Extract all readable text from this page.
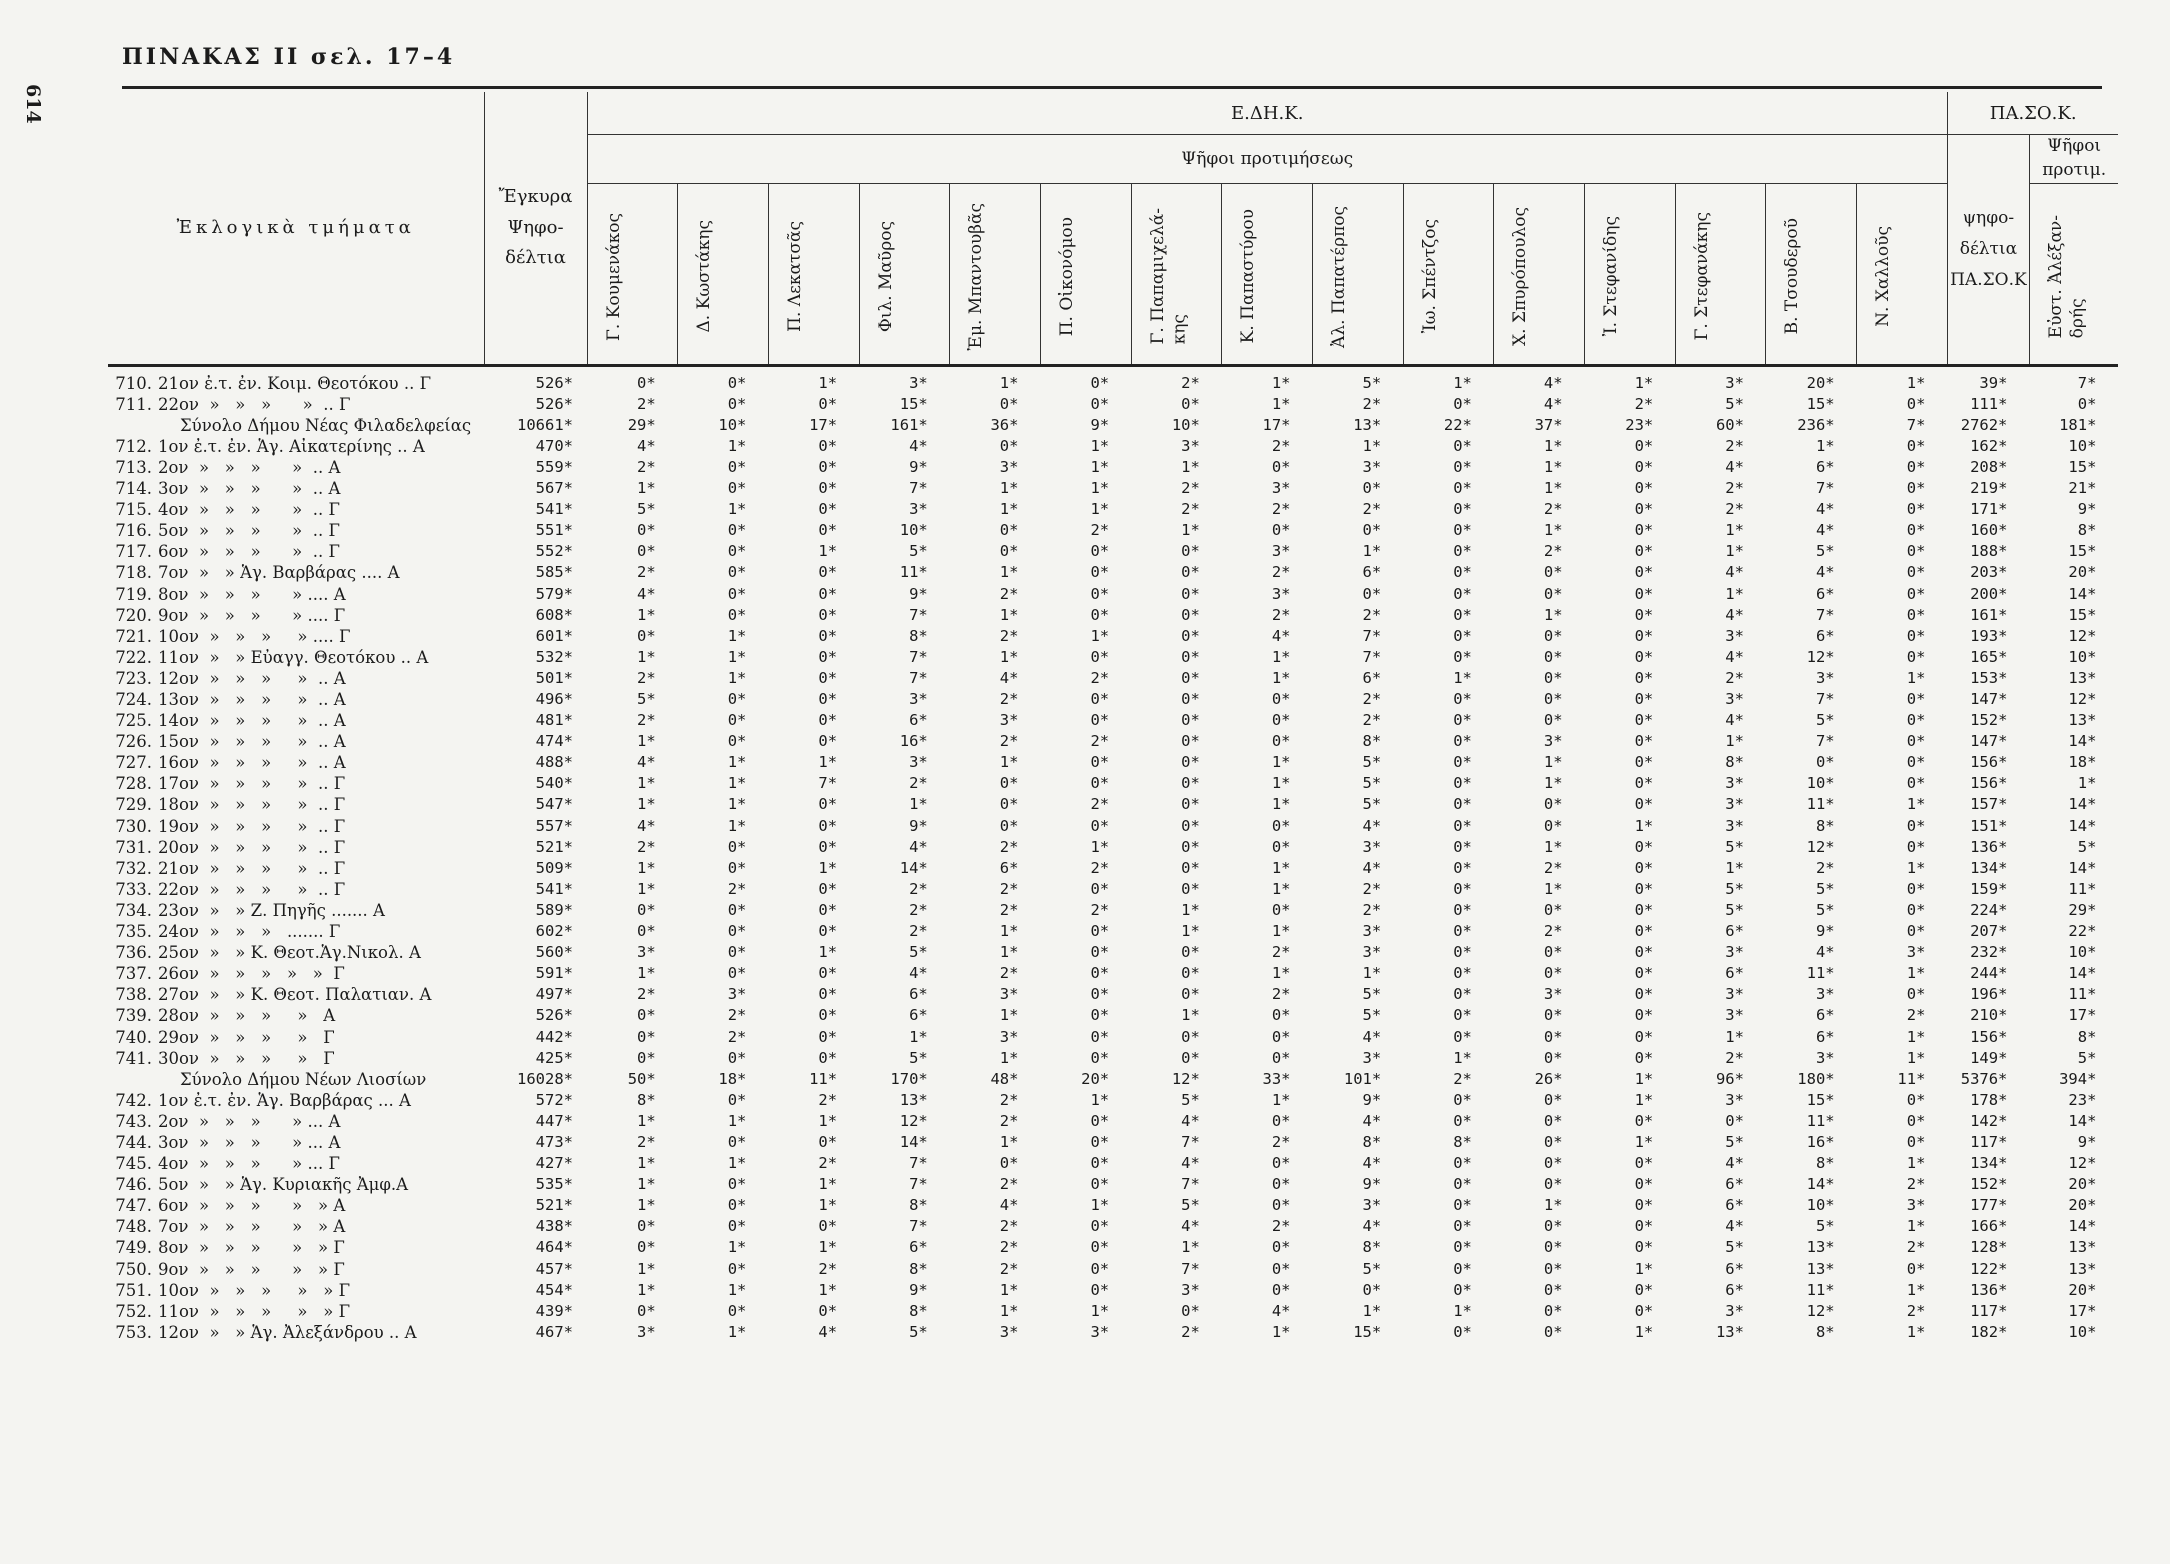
614
ΠΙΝΑΚΑΣ ΙΙ σελ. 17–4
Ἐκλογικὰ τμήματα	Ἔγκυρα
Ψηφο-
δέλτια	Ε.ΔΗ.Κ.															ΠΑ.ΣΟ.Κ.	
		Ψῆφοι προτιμήσεως															ψηφο-
δέλτια
ΠΑ.ΣΟ.Κ	Ψῆφοι
προτιμ.
		Γ. Κουμενάκος	Δ. Κωστάκης	Π. Λεκατσᾶς	Φιλ. Μαῦρος	Ἐμ. Μπαντουβᾶς	Π. Οἰκονόμου	Γ. Παπαμιχελά-
κης	Κ. Παπαστύρου	Ἀλ. Παπατέρπος	Ἰω. Σπέντζος	Χ. Σπυρόπουλος	Ἰ. Στεφανίδης	Γ. Στεφανάκης	Β. Τσουδεροῦ	Ν. Χαλλοῦς		Εὐστ. Ἀλέξαν-
δρής

710. 21ον ἐ.τ. ἐν. Κοιμ. Θεοτόκου .. Γ	526*	0*	0*	1*	3*	1*	0*	2*	1*	5*	1*	4*	1*	3*	20*	1*	39*	7*
711. 22ον  »   »   »      »  .. Γ	526*	2*	0*	0*	15*	0*	0*	0*	1*	2*	0*	4*	2*	5*	15*	0*	111*	0*
Σύνολο Δήμου Νέας Φιλαδελφείας	10661*	29*	10*	17*	161*	36*	9*	10*	17*	13*	22*	37*	23*	60*	236*	7*	2762*	181*
712. 1ον ἐ.τ. ἐν. Ἁγ. Αἰκατερίνης .. Α	470*	4*	1*	0*	4*	0*	1*	3*	2*	1*	0*	1*	0*	2*	1*	0*	162*	10*
713. 2ον  »   »   »      »  .. Α	559*	2*	0*	0*	9*	3*	1*	1*	0*	3*	0*	1*	0*	4*	6*	0*	208*	15*
714. 3ον  »   »   »      »  .. Α	567*	1*	0*	0*	7*	1*	1*	2*	3*	0*	0*	1*	0*	2*	7*	0*	219*	21*
715. 4ον  »   »   »      »  .. Γ	541*	5*	1*	0*	3*	1*	1*	2*	2*	2*	0*	2*	0*	2*	4*	0*	171*	9*
716. 5ον  »   »   »      »  .. Γ	551*	0*	0*	0*	10*	0*	2*	1*	0*	0*	0*	1*	0*	1*	4*	0*	160*	8*
717. 6ον  »   »   »      »  .. Γ	552*	0*	0*	1*	5*	0*	0*	0*	3*	1*	0*	2*	0*	1*	5*	0*	188*	15*
718. 7ον  »   » Ἁγ. Βαρβάρας .... Α	585*	2*	0*	0*	11*	1*	0*	0*	2*	6*	0*	0*	0*	4*	4*	0*	203*	20*
719. 8ον  »   »   »      » .... Α	579*	4*	0*	0*	9*	2*	0*	0*	3*	0*	0*	0*	0*	1*	6*	0*	200*	14*
720. 9ον  »   »   »      » .... Γ	608*	1*	0*	0*	7*	1*	0*	0*	2*	2*	0*	1*	0*	4*	7*	0*	161*	15*
721. 10ον  »   »   »     » .... Γ	601*	0*	1*	0*	8*	2*	1*	0*	4*	7*	0*	0*	0*	3*	6*	0*	193*	12*
722. 11ον  »   » Εὐαγγ. Θεοτόκου .. Α	532*	1*	1*	0*	7*	1*	0*	0*	1*	7*	0*	0*	0*	4*	12*	0*	165*	10*
723. 12ον  »   »   »     »  .. Α	501*	2*	1*	0*	7*	4*	2*	0*	1*	6*	1*	0*	0*	2*	3*	1*	153*	13*
724. 13ον  »   »   »     »  .. Α	496*	5*	0*	0*	3*	2*	0*	0*	0*	2*	0*	0*	0*	3*	7*	0*	147*	12*
725. 14ον  »   »   »     »  .. Α	481*	2*	0*	0*	6*	3*	0*	0*	0*	2*	0*	0*	0*	4*	5*	0*	152*	13*
726. 15ον  »   »   »     »  .. Α	474*	1*	0*	0*	16*	2*	2*	0*	0*	8*	0*	3*	0*	1*	7*	0*	147*	14*
727. 16ον  »   »   »     »  .. Α	488*	4*	1*	1*	3*	1*	0*	0*	1*	5*	0*	1*	0*	8*	0*	0*	156*	18*
728. 17ον  »   »   »     »  .. Γ	540*	1*	1*	7*	2*	0*	0*	0*	1*	5*	0*	1*	0*	3*	10*	0*	156*	1*
729. 18ον  »   »   »     »  .. Γ	547*	1*	1*	0*	1*	0*	2*	0*	1*	5*	0*	0*	0*	3*	11*	1*	157*	14*
730. 19ον  »   »   »     »  .. Γ	557*	4*	1*	0*	9*	0*	0*	0*	0*	4*	0*	0*	1*	3*	8*	0*	151*	14*
731. 20ον  »   »   »     »  .. Γ	521*	2*	0*	0*	4*	2*	1*	0*	0*	3*	0*	1*	0*	5*	12*	0*	136*	5*
732. 21ον  »   »   »     »  .. Γ	509*	1*	0*	1*	14*	6*	2*	0*	1*	4*	0*	2*	0*	1*	2*	1*	134*	14*
733. 22ον  »   »   »     »  .. Γ	541*	1*	2*	0*	2*	2*	0*	0*	1*	2*	0*	1*	0*	5*	5*	0*	159*	11*
734. 23ον  »   » Ζ. Πηγῆς ....... Α	589*	0*	0*	0*	2*	2*	2*	1*	0*	2*	0*	0*	0*	5*	5*	0*	224*	29*
735. 24ον  »   »   »   ....... Γ	602*	0*	0*	0*	2*	1*	0*	1*	1*	3*	0*	2*	0*	6*	9*	0*	207*	22*
736. 25ον  »   » Κ. Θεοτ.Ἁγ.Νικολ. Α	560*	3*	0*	1*	5*	1*	0*	0*	2*	3*	0*	0*	0*	3*	4*	3*	232*	10*
737. 26ον  »   »   »   »   »  Γ	591*	1*	0*	0*	4*	2*	0*	0*	1*	1*	0*	0*	0*	6*	11*	1*	244*	14*
738. 27ον  »   » Κ. Θεοτ. Παλατιαν. Α	497*	2*	3*	0*	6*	3*	0*	0*	2*	5*	0*	3*	0*	3*	3*	0*	196*	11*
739. 28ον  »   »   »     »   Α	526*	0*	2*	0*	6*	1*	0*	1*	0*	5*	0*	0*	0*	3*	6*	2*	210*	17*
740. 29ον  »   »   »     »   Γ	442*	0*	2*	0*	1*	3*	0*	0*	0*	4*	0*	0*	0*	1*	6*	1*	156*	8*
741. 30ον  »   »   »     »   Γ	425*	0*	0*	0*	5*	1*	0*	0*	0*	3*	1*	0*	0*	2*	3*	1*	149*	5*
Σύνολο Δήμου Νέων Λιοσίων	16028*	50*	18*	11*	170*	48*	20*	12*	33*	101*	2*	26*	1*	96*	180*	11*	5376*	394*
742. 1ον ἐ.τ. ἐν. Ἁγ. Βαρβάρας ... Α	572*	8*	0*	2*	13*	2*	1*	5*	1*	9*	0*	0*	1*	3*	15*	0*	178*	23*
743. 2ον  »   »   »      » ... Α	447*	1*	1*	1*	12*	2*	0*	4*	0*	4*	0*	0*	0*	0*	11*	0*	142*	14*
744. 3ον  »   »   »      » ... Α	473*	2*	0*	0*	14*	1*	0*	7*	2*	8*	8*	0*	1*	5*	16*	0*	117*	9*
745. 4ον  »   »   »      » ... Γ	427*	1*	1*	2*	7*	0*	0*	4*	0*	4*	0*	0*	0*	4*	8*	1*	134*	12*
746. 5ον  »   » Ἁγ. Κυριακῆς Ἀμφ.Α	535*	1*	0*	1*	7*	2*	0*	7*	0*	9*	0*	0*	0*	6*	14*	2*	152*	20*
747. 6ον  »   »   »      »   » Α	521*	1*	0*	1*	8*	4*	1*	5*	0*	3*	0*	1*	0*	6*	10*	3*	177*	20*
748. 7ον  »   »   »      »   » Α	438*	0*	0*	0*	7*	2*	0*	4*	2*	4*	0*	0*	0*	4*	5*	1*	166*	14*
749. 8ον  »   »   »      »   » Γ	464*	0*	1*	1*	6*	2*	0*	1*	0*	8*	0*	0*	0*	5*	13*	2*	128*	13*
750. 9ον  »   »   »      »   » Γ	457*	1*	0*	2*	8*	2*	0*	7*	0*	5*	0*	0*	1*	6*	13*	0*	122*	13*
751. 10ον  »   »   »     »   » Γ	454*	1*	1*	1*	9*	1*	0*	3*	0*	0*	0*	0*	0*	6*	11*	1*	136*	20*
752. 11ον  »   »   »     »   » Γ	439*	0*	0*	0*	8*	1*	1*	0*	4*	1*	1*	0*	0*	3*	12*	2*	117*	17*
753. 12ον  »   » Ἁγ. Ἀλεξάνδρου .. Α	467*	3*	1*	4*	5*	3*	3*	2*	1*	15*	0*	0*	1*	13*	8*	1*	182*	10*
